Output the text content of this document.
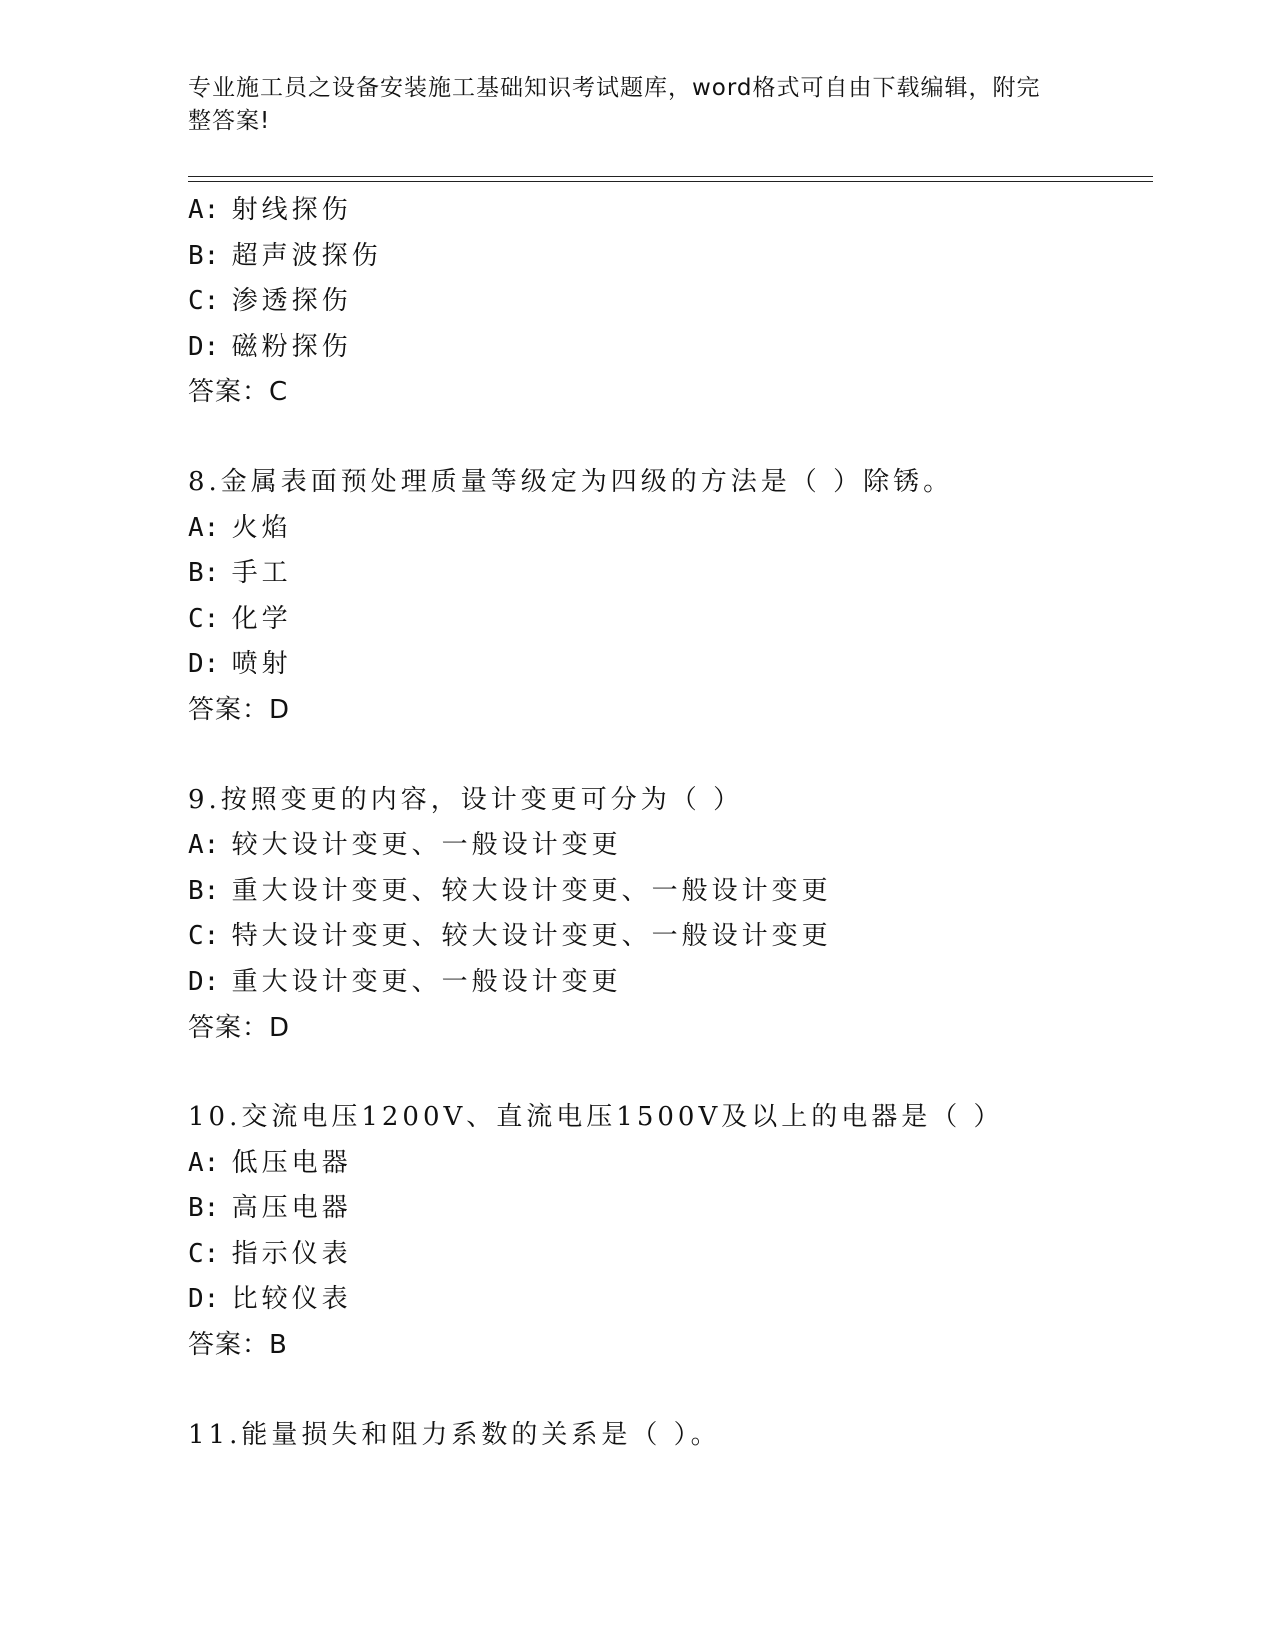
专业施工员之设备安装施工基础知识考试题库，word格式可自由下载编辑，附完
整答案!
A: 射线探伤
B: 超声波探伤
C: 渗透探伤
D: 磁粉探伤
答案：C
8.金属表面预处理质量等级定为四级的方法是（ ）除锈。
A: 火焰
B: 手工
C: 化学
D: 喷射
答案：D
9.按照变更的内容，设计变更可分为（ ）
A: 较大设计变更、一般设计变更
B: 重大设计变更、较大设计变更、一般设计变更
C: 特大设计变更、较大设计变更、一般设计变更
D: 重大设计变更、一般设计变更
答案：D
10.交流电压1200V、直流电压1500V及以上的电器是（ ）
A: 低压电器
B: 高压电器
C: 指示仪表
D: 比较仪表
答案：B
11.能量损失和阻力系数的关系是（ ）。
